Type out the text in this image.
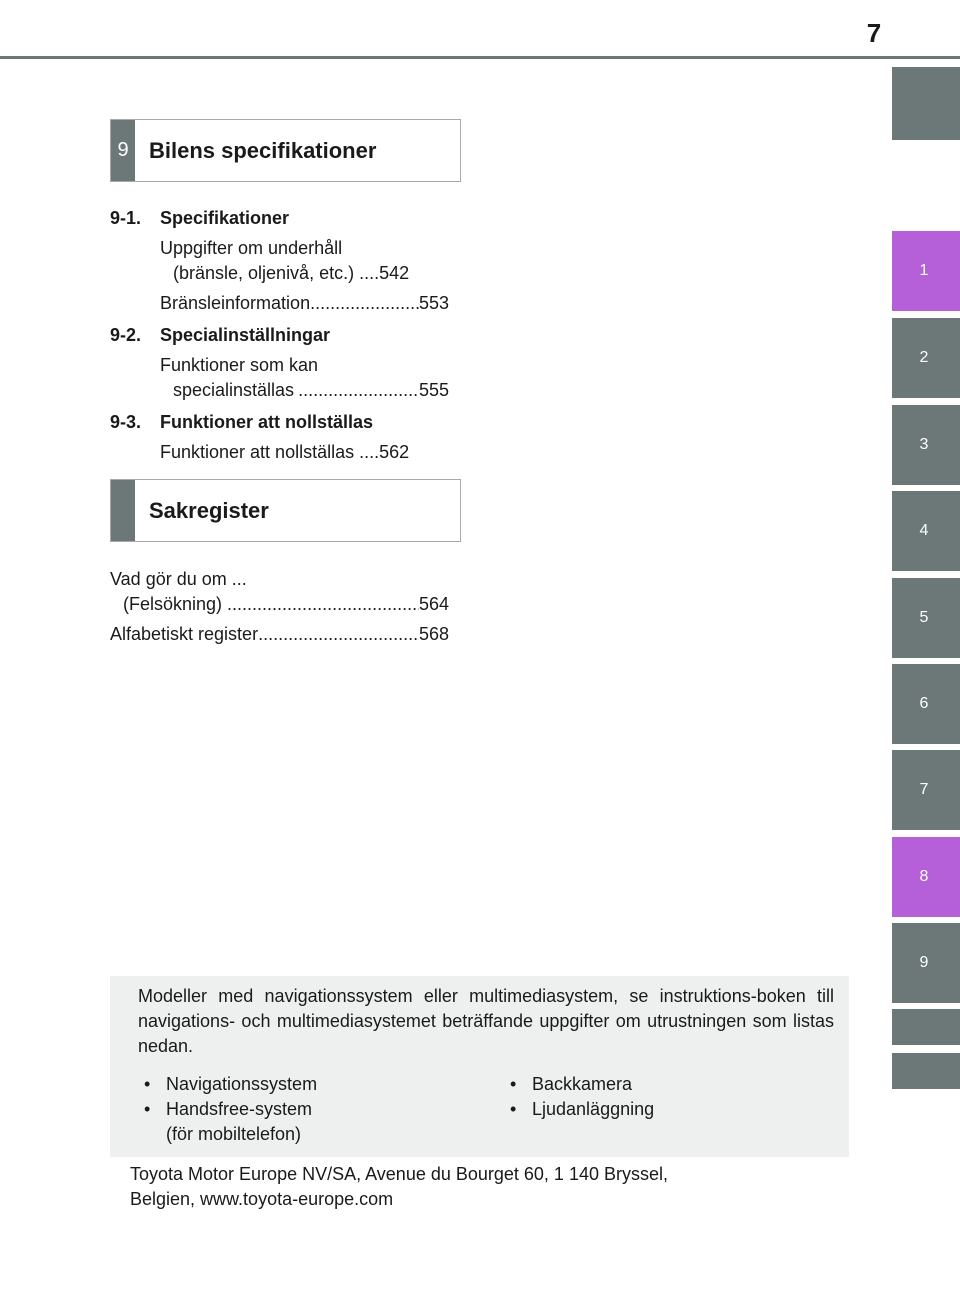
7
1
2
3
4
5
6
7
8
9
9 Bilens specifikationer
9-1. Specifikationer
Uppgifter om underhåll
(bränsle, oljenivå, etc.) ....542
Bränsleinformation .....	553
9-2. Specialinställningar
Funktioner som kan
specialinställas .....	555
9-3. Funktioner att nollställas
Funktioner att nollställas ....562
Sakregister
Vad gör du om ...
(Felsökning) .....	564
Alfabetiskt register .....	568
Modeller med navigationssystem eller multimediasystem, se instruktions-boken till navigations- och multimediasystemet beträffande uppgifter om utrustningen som listas nedan.
• Navigationssystem
• Handsfree-system
(för mobiltelefon)
• Backkamera
• Ljudanläggning
Toyota Motor Europe NV/SA, Avenue du Bourget 60, 1 140 Bryssel,
Belgien, www.toyota-europe.com
